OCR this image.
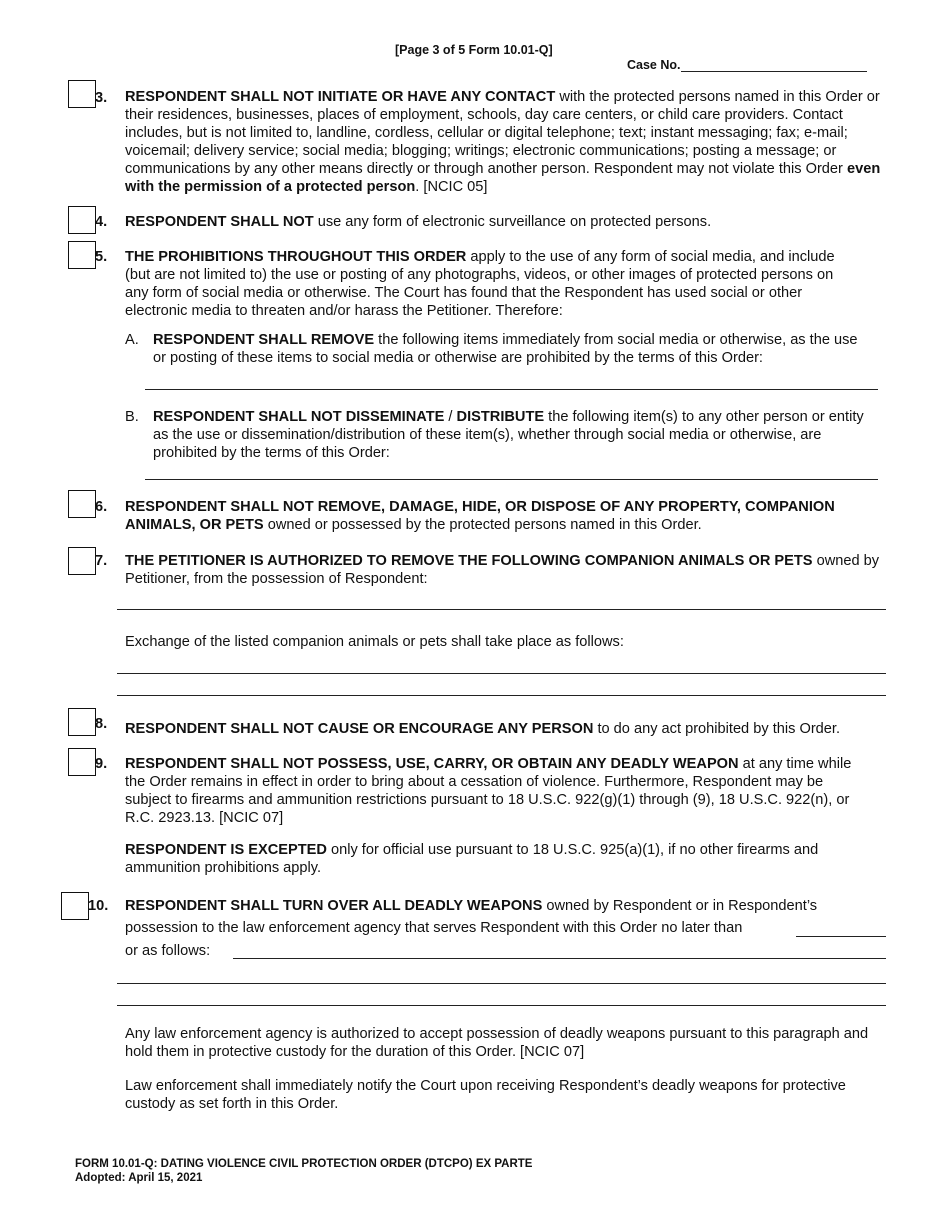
[Page 3 of 5 Form 10.01-Q]
Case No.
3. RESPONDENT SHALL NOT INITIATE OR HAVE ANY CONTACT with the protected persons named in this Order or their residences, businesses, places of employment, schools, day care centers, or child care providers. Contact includes, but is not limited to, landline, cordless, cellular or digital telephone; text; instant messaging; fax; e-mail; voicemail; delivery service; social media; blogging; writings; electronic communications; posting a message; or communications by any other means directly or through another person. Respondent may not violate this Order even with the permission of a protected person. [NCIC 05]
4. RESPONDENT SHALL NOT use any form of electronic surveillance on protected persons.
5. THE PROHIBITIONS THROUGHOUT THIS ORDER apply to the use of any form of social media, and include (but are not limited to) the use or posting of any photographs, videos, or other images of protected persons on any form of social media or otherwise. The Court has found that the Respondent has used social or other electronic media to threaten and/or harass the Petitioner. Therefore:
A. RESPONDENT SHALL REMOVE the following items immediately from social media or otherwise, as the use or posting of these items to social media or otherwise are prohibited by the terms of this Order:
B. RESPONDENT SHALL NOT DISSEMINATE / DISTRIBUTE the following item(s) to any other person or entity as the use or dissemination/distribution of these item(s), whether through social media or otherwise, are prohibited by the terms of this Order:
6. RESPONDENT SHALL NOT REMOVE, DAMAGE, HIDE, OR DISPOSE OF ANY PROPERTY, COMPANION ANIMALS, OR PETS owned or possessed by the protected persons named in this Order.
7. THE PETITIONER IS AUTHORIZED TO REMOVE THE FOLLOWING COMPANION ANIMALS OR PETS owned by Petitioner, from the possession of Respondent:
Exchange of the listed companion animals or pets shall take place as follows:
8. RESPONDENT SHALL NOT CAUSE OR ENCOURAGE ANY PERSON to do any act prohibited by this Order.
9. RESPONDENT SHALL NOT POSSESS, USE, CARRY, OR OBTAIN ANY DEADLY WEAPON at any time while the Order remains in effect in order to bring about a cessation of violence. Furthermore, Respondent may be subject to firearms and ammunition restrictions pursuant to 18 U.S.C. 922(g)(1) through (9), 18 U.S.C. 922(n), or R.C. 2923.13. [NCIC 07]
RESPONDENT IS EXCEPTED only for official use pursuant to 18 U.S.C. 925(a)(1), if no other firearms and ammunition prohibitions apply.
10. RESPONDENT SHALL TURN OVER ALL DEADLY WEAPONS owned by Respondent or in Respondent’s
possession to the law enforcement agency that serves Respondent with this Order no later than
or as follows:
Any law enforcement agency is authorized to accept possession of deadly weapons pursuant to this paragraph and hold them in protective custody for the duration of this Order. [NCIC 07]
Law enforcement shall immediately notify the Court upon receiving Respondent’s deadly weapons for protective custody as set forth in this Order.
FORM 10.01-Q: DATING VIOLENCE CIVIL PROTECTION ORDER (DTCPO) EX PARTE
Adopted: April 15, 2021
